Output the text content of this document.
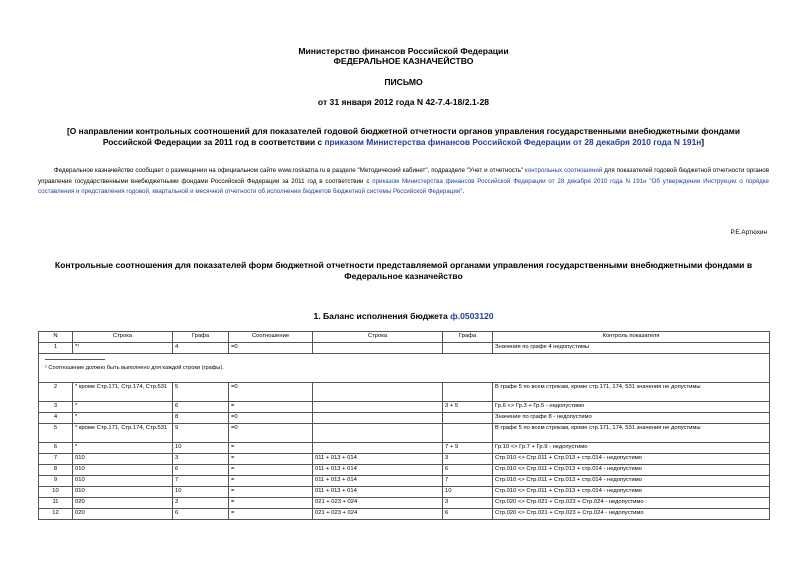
Министерство финансов Российской Федерации
ФЕДЕРАЛЬНОЕ КАЗНАЧЕЙСТВО
ПИСЬМО
от 31 января 2012 года N 42-7.4-18/2.1-28
[О направлении контрольных соотношений для показателей годовой бюджетной отчетности органов управления государственными внебюджетными фондами Российской Федерации за 2011 год в соответствии с приказом Министерства финансов Российской Федерации от 28 декабря 2010 года N 191н]
Федеральное казначейство сообщает о размещении на официальном сайте www.roskazna.ru в разделе "Методический кабинет", подразделе "Учет и отчетность" контрольных соотношений для показателей годовой бюджетной отчетности органов управления государственными внебюджетными фондами Российской Федерации за 2011 год в соответствии с приказом Министерства финансов Российской Федерации от 28 декабря 2010 года N 191н "Об утверждении Инструкции о порядке составления и представления годовой, квартальной и месячной отчетности об исполнении бюджетов бюджетной системы Российской Федерации".
Р.Е.Артюхин
Контрольные соотношения для показателей форм бюджетной отчетности представляемой органами управления государственными внебюджетными фондами в Федеральное казначейство
1. Баланс исполнения бюджета ф.0503120
N	Строка	Графа	Соотношение	Строка	Графа	Контроль показателя
1	*¹	4	=0			Значения по графе 4 недопустимы

¹ Соотношение должно быть выполнено для каждой строки (графы).						
2	* кроме Стр.171, Стр.174, Стр.531	5	=0			В графе 5 по всем строкам, кроме стр.171, 174, 531 значения не допустимы
3	*	6	=		3 + 5	Гр.6 <> Гр.3 + Гр.5 - недопустимо
4	*	8	=0			Значение по графе 8 - недопустимо
5	* кроме Стр.171, Стр.174, Стр.531	9	=0			В графе 5 по всем строкам, кроме стр.171, 174, 531 значения не допустимы
6	*	10	=		7 + 9	Гр.10 <> Гр.7 + Гр.9 - недопустимо
7	010	3	=	011 + 013 + 014	3	Стр.010 <> Стр.011 + Стр.013 + стр.014 - недопустимо
8	010	6	=	011 + 013 + 014	6	Стр.010 <> Стр.011 + Стр.013 + стр.014 - недопустимо
9	010	7	=	011 + 013 + 014	7	Стр.010 <> Стр.011 + Стр.013 + стр.014 - недопустимо
10	010	10	=	011 + 013 + 014	10	Стр.010 <> Стр.011 + Стр.013 + стр.014 - недопустимо
11	020	3	=	021 + 023 + 024	3	Стр.020 <> Стр.021 + Стр.023 + Стр.024 - недопустимо
12	020	6	=	021 + 023 + 024	6	Стр.020 <> Стр.021 + Стр.023 + Стр.024 - недопустимо
